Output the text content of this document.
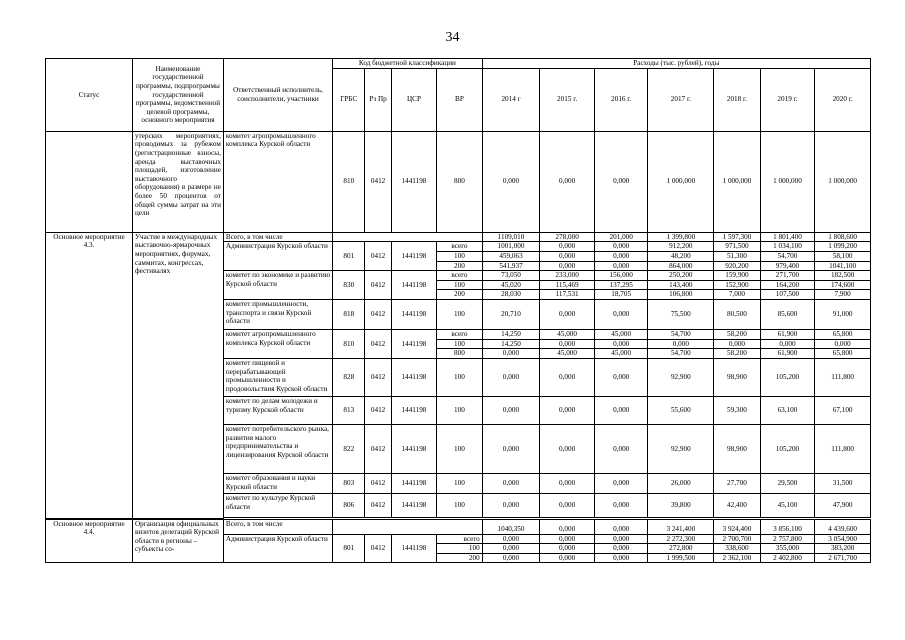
34
Статус	Наименование государственной программы, подпрограммы государственной программы, ведомственной целевой программы, основного мероприятия	Ответственный исполнитель, соисполнители, участники	Код бюджетной классификации				Расходы (тыс. рублей), годы						
			ГРБС	Рз Пр	ЦСР	ВР	2014 г	2015 г.	2016 г.	2017 г.	2018 г.	2019 г.	2020 г.
	утерских мероприятиях, проводимых за рубежом (регистрационные взносы, аренда выставочных площадей, изготовление выставочного оборудования) в размере не более 50 процентов от общей суммы затрат на эти цели	комитет агропромышленного комплекса Курской области	810	0412	1441198	800	0,000	0,000	0,000	1 000,000	1 000,000	1 000,000	1 000,000
Основное мероприятие 4.3.	Участие в международных выставочно-ярмарочных мероприятиях, форумах, саммитах, конгрессах, фестивалях	Всего, в том числе					1109,010	278,000	201,000	1 399,800	1 597,300	1 801,400	1 808,600
		Администрация Курской области	801	0412	1441198	всего	1001,000	0,000	0,000	912,200	971,500	1 034,100	1 099,200
						100	459,063	0,000	0,000	48,200	51,300	54,700	58,100
						200	541,937	0,000	0,000	864,000	920,200	979,400	1041,100
		комитет по экономике и развитию Курской области	830	0412	1441198	всего	73,050	233,000	156,000	250,200	159,900	271,700	182,500
						100	45,020	115,469	137,295	143,400	152,900	164,200	174,600
						200	28,030	117,531	18,705	106,800	7,000	107,500	7,900
		комитет промышленности, транспорта и связи Курской области	818	0412	1441198	100	20,710	0,000	0,000	75,500	80,500	85,600	91,000
		комитет агропромышленного комплекса Курской области	810	0412	1441198	всего	14,250	45,000	45,000	54,700	58,200	61,900	65,800
						100	14,250	0,000	0,000	0,000	0,000	0,000	0,000
						800	0,000	45,000	45,000	54,700	58,200	61,900	65,800
		комитет пищевой и перерабатывающей промышленности и продовольствия Курской области	828	0412	1441198	100	0,000	0,000	0,000	92,900	98,900	105,200	111,800
		комитет по делам молодежи и туризму Курской области	813	0412	1441198	100	0,000	0,000	0,000	55,600	59,300	63,100	67,100
		комитет потребительского рынка, развития малого предпринимательства и лицензирования Курской области	822	0412	1441198	100	0,000	0,000	0,000	92,900	98,900	105,200	111,800
		комитет образования и науки Курской области	803	0412	1441198	100	0,000	0,000	0,000	26,000	27,700	29,500	31,500
		комитет по культуре Курской области	806	0412	1441198	100	0,000	0,000	0,000	39,800	42,400	45,100	47,900

Основное мероприятие 4.4.	Организация официальных визитов делегаций Курской области в регионы – субъекты со-	Всего, в том числе					1040,350	0,000	0,000	3 241,400	3 924,400	3 856,100	4 439,600
		Администрация Курской области	801	0412	1441198	всего	0,000	0,000	0,000	2 272,300	2 700,700	2 757,800	3 054,900
						100	0,000	0,000	0,000	272,800	338,600	355,000	383,200
						200	0,000	0,000	0,000	1 999,500	2 362,100	2 402,800	2 671,700
